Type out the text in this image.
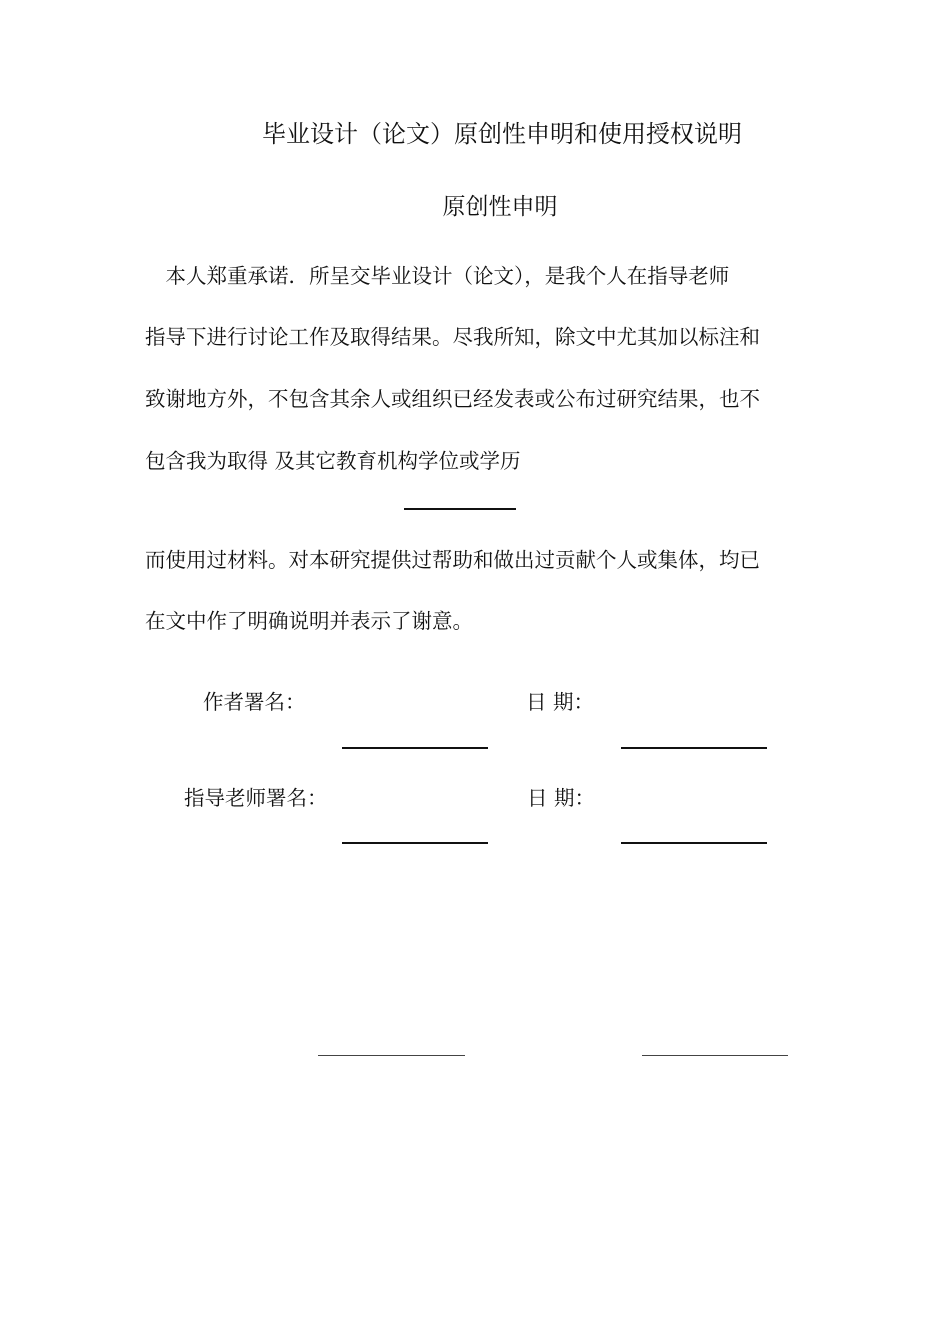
毕业设计（论文）原创性申明和使用授权说明
原创性申明
　本人郑重承诺．所呈交毕业设计（论文），是我个人在指导老师
指导下进行讨论工作及取得结果。尽我所知，除文中尤其加以标注和
致谢地方外，不包含其余人或组织已经发表或公布过研究结果，也不
包含我为取得 及其它教育机构学位或学历
而使用过材料。对本研究提供过帮助和做出过贡献个人或集体，均已
在文中作了明确说明并表示了谢意。
作者署名：	日 期：
指导老师署名：	日 期：
